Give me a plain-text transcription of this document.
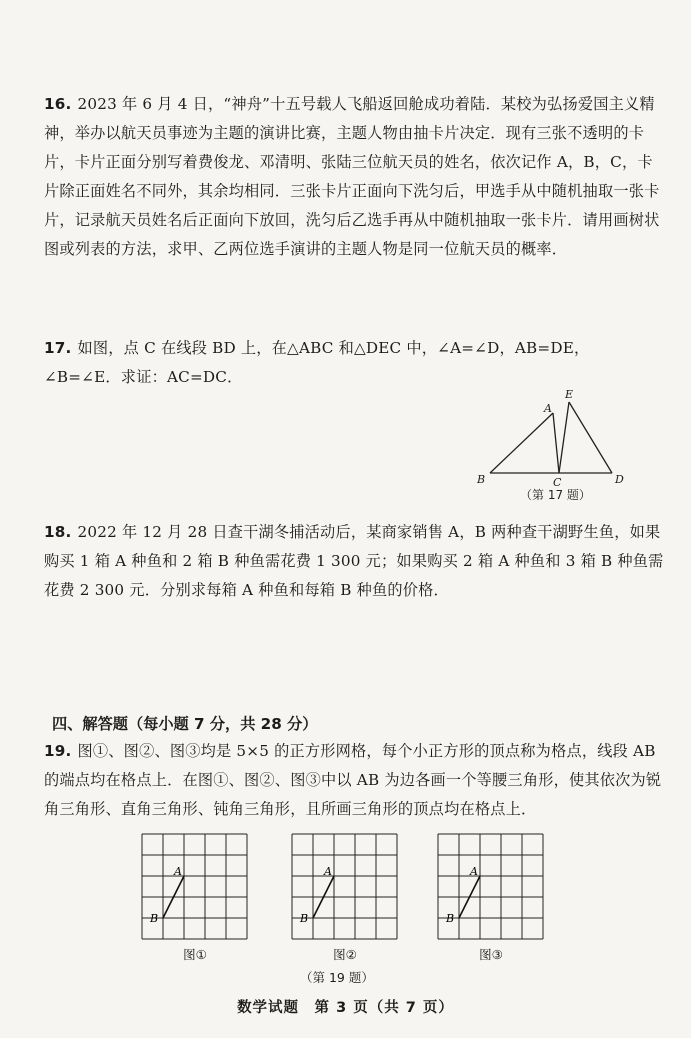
16. 2023 年 6 月 4 日，“神舟”十五号载人飞船返回舱成功着陆．某校为弘扬爱国主义精神，举办以航天员事迹为主题的演讲比赛，主题人物由抽卡片决定．现有三张不透明的卡片，卡片正面分别写着费俊龙、邓清明、张陆三位航天员的姓名，依次记作 A，B，C，卡片除正面姓名不同外，其余均相同．三张卡片正面向下洗匀后，甲选手从中随机抽取一张卡片，记录航天员姓名后正面向下放回，洗匀后乙选手再从中随机抽取一张卡片．请用画树状图或列表的方法，求甲、乙两位选手演讲的主题人物是同一位航天员的概率．
17. 如图，点 C 在线段 BD 上，在△ABC 和△DEC 中，∠A=∠D，AB=DE，∠B=∠E．求证：AC=DC．
A
B	C	D
E
（第 17 题）
18. 2022 年 12 月 28 日查干湖冬捕活动后，某商家销售 A，B 两种查干湖野生鱼，如果购买 1 箱 A 种鱼和 2 箱 B 种鱼需花费 1 300 元；如果购买 2 箱 A 种鱼和 3 箱 B 种鱼需花费 2 300 元．分别求每箱 A 种鱼和每箱 B 种鱼的价格．
四、解答题（每小题 7 分，共 28 分）
19. 图①、图②、图③均是 5×5 的正方形网格，每个小正方形的顶点称为格点，线段 AB 的端点均在格点上．在图①、图②、图③中以 AB 为边各画一个等腰三角形，使其依次为锐角三角形、直角三角形、钝角三角形，且所画三角形的顶点均在格点上．
A
B
图①
A
B
图②
A
B
图③
（第 19 题）
数学试题　第 3 页（共 7 页）
